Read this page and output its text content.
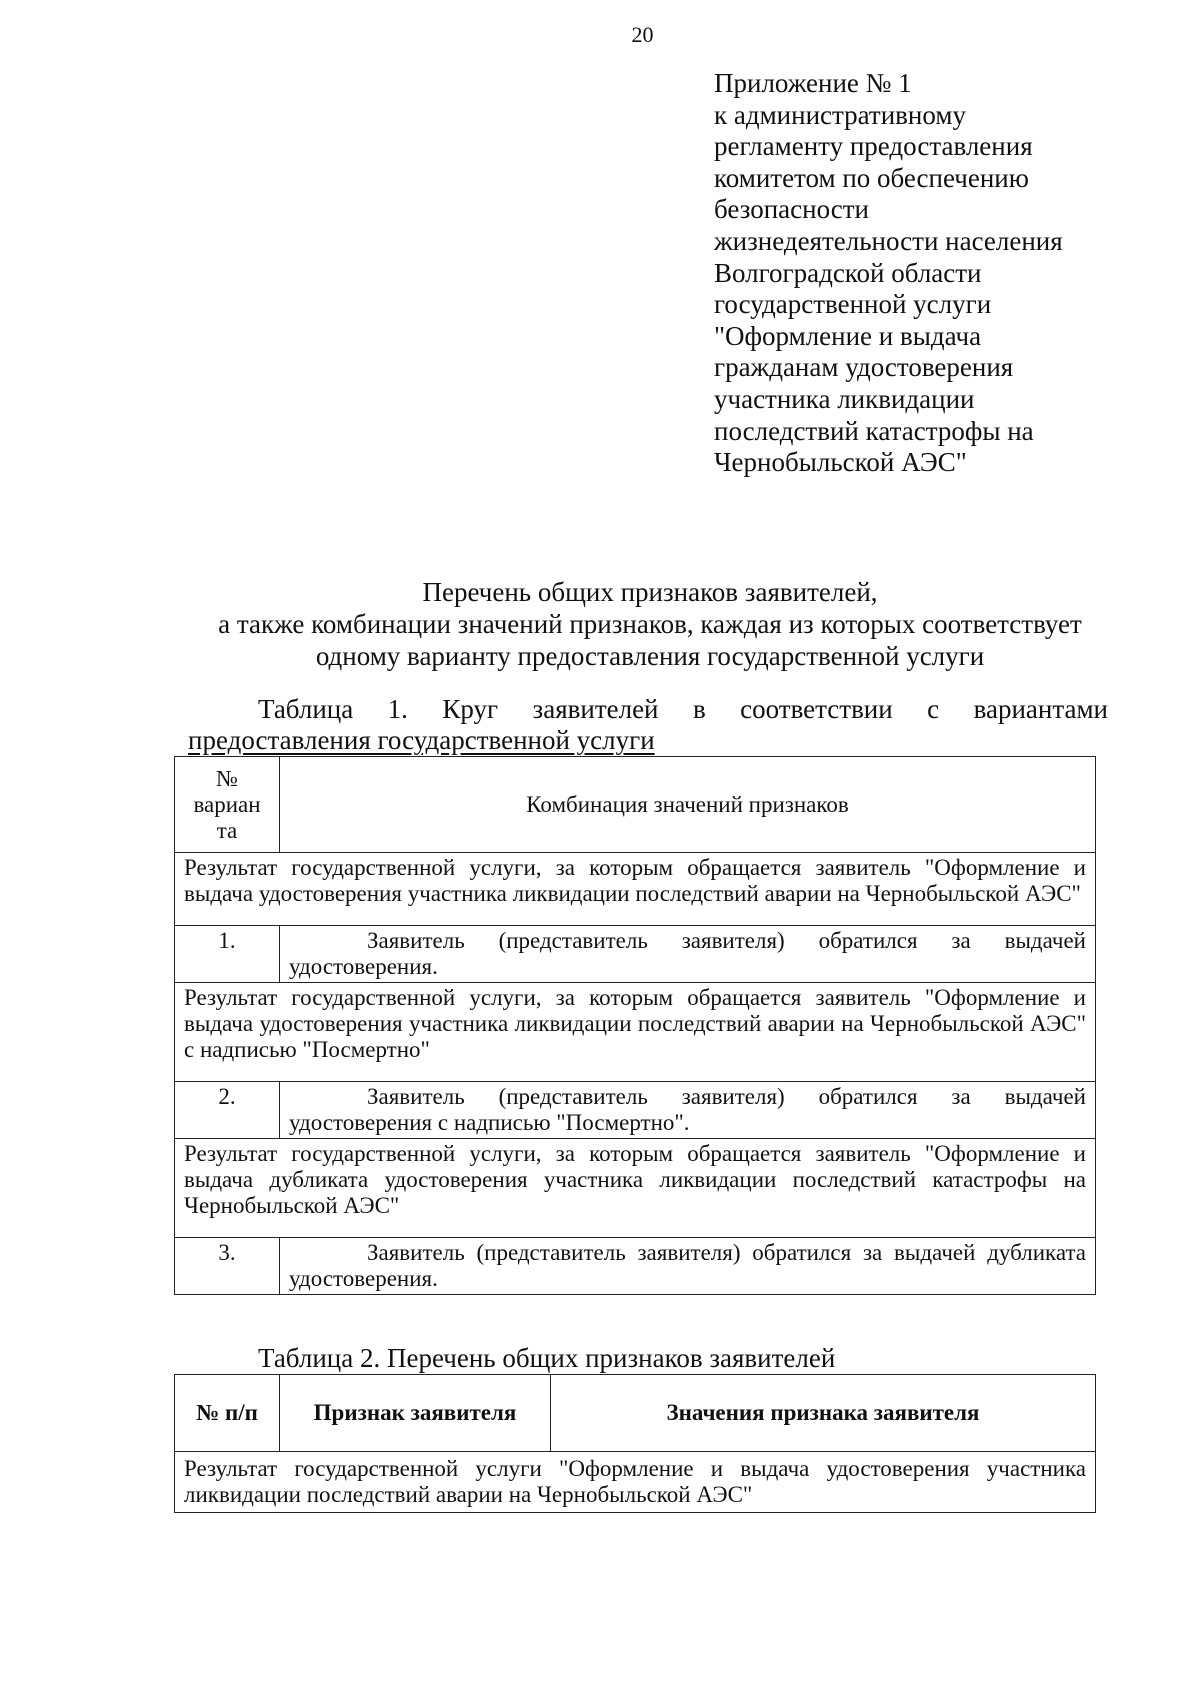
20
Приложение № 1
к административному
регламенту предоставления
комитетом по обеспечению
безопасности
жизнедеятельности населения
Волгоградской области
государственной услуги
"Оформление и выдача
гражданам удостоверения
участника ликвидации
последствий катастрофы на
Чернобыльской АЭС"
Перечень общих признаков заявителей,
а также комбинации значений признаков, каждая из которых соответствует
одному варианту предоставления государственной услуги
Таблица 1. Круг заявителей в соответствии с вариантами
предоставления государственной услуги
№
вариан
та	Комбинация значений признаков
Результат государственной услуги, за которым обращается заявитель "Оформление и выдача удостоверения участника ликвидации последствий аварии на Чернобыльской АЭС"	
1.	Заявитель (представитель заявителя) обратился за выдачей удостоверения.
Результат государственной услуги, за которым обращается заявитель "Оформление и выдача удостоверения участника ликвидации последствий аварии на Чернобыльской АЭС" с надписью "Посмертно"	
2.	Заявитель (представитель заявителя) обратился за выдачей удостоверения с надписью "Посмертно".
Результат государственной услуги, за которым обращается заявитель "Оформление и выдача дубликата удостоверения участника ликвидации последствий катастрофы на Чернобыльской АЭС"	
3.	Заявитель (представитель заявителя) обратился за выдачей дубликата удостоверения.
Таблица 2. Перечень общих признаков заявителей
№ п/п	Признак заявителя	Значения признака заявителя
Результат государственной услуги "Оформление и выдача удостоверения участника ликвидации последствий аварии на Чернобыльской АЭС"
